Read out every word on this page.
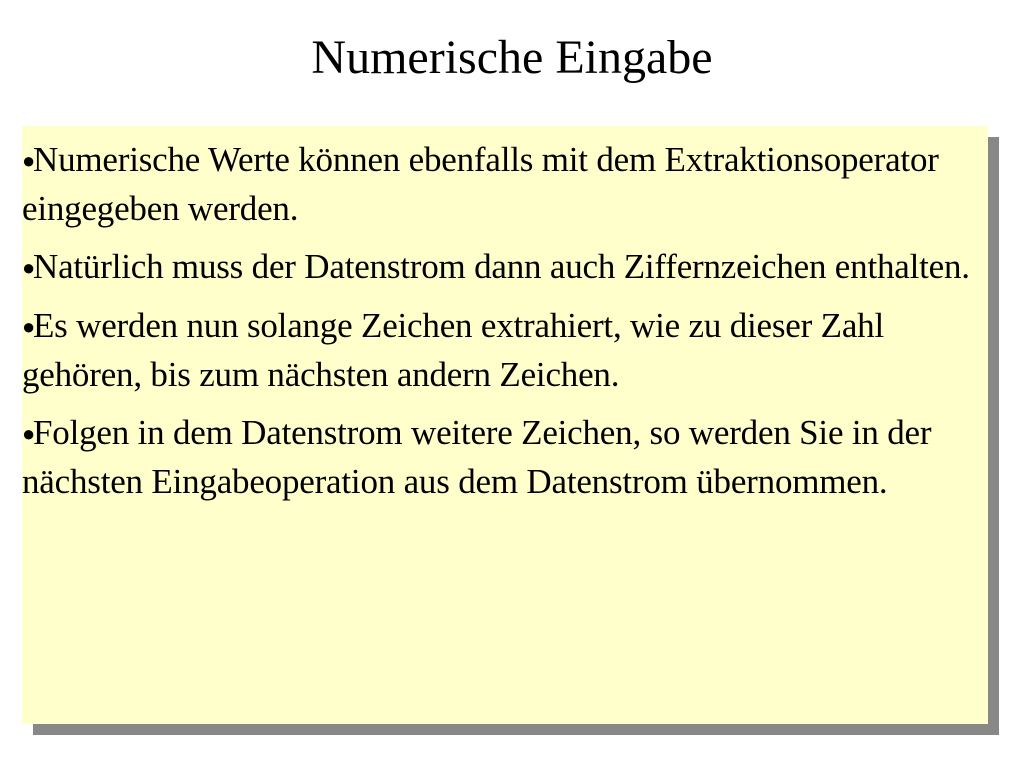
Numerische Eingabe
●Numerische Werte können ebenfalls mit dem Extraktionsoperator eingegeben werden.
●Natürlich muss der Datenstrom dann auch Ziffernzeichen enthalten.
●Es werden nun solange Zeichen extrahiert, wie zu dieser Zahl gehören, bis zum nächsten andern Zeichen.
●Folgen in dem Datenstrom weitere Zeichen, so werden Sie in der nächsten Eingabeoperation aus dem Datenstrom übernommen.
